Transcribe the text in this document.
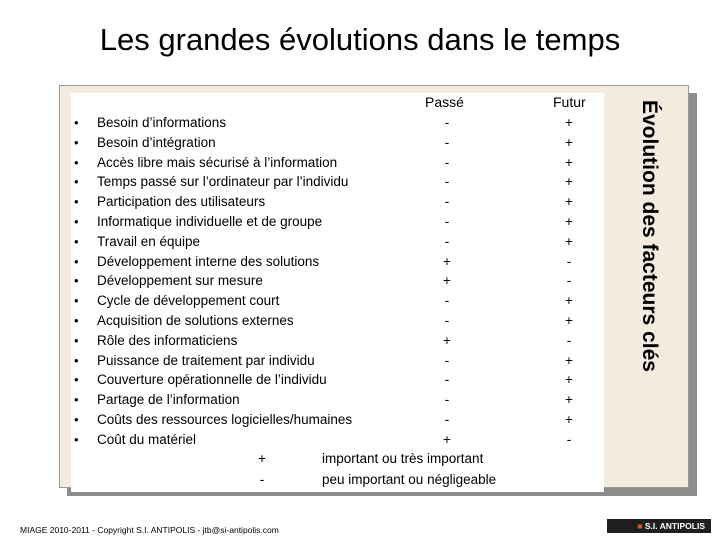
Les grandes évolutions dans le temps
Passé	Futur
• Besoin d’informations	-	+
• Besoin d’intégration	-	+
• Accès libre mais sécurisé à l’information	-	+
• Temps passé sur l’ordinateur par l’individu	-	+
• Participation des utilisateurs	-	+
• Informatique individuelle et de groupe	-	+
• Travail en équipe	-	+
• Développement interne des solutions	+	-
• Développement sur mesure	+	-
• Cycle de développement court	-	+
• Acquisition de solutions externes	-	+
• Rôle des informaticiens	+	-
• Puissance de traitement par individu	-	+
• Couverture opérationnelle de l’individu	-	+
• Partage de l’information	-	+
• Coûts des ressources logicielles/humaines	-	+
• Coût du matériel	+	-
+	important ou très important
-	peu important ou négligeable
Évolution des facteurs clés
MIAGE 2010-2011 - Copyright S.I. ANTIPOLIS - jtb@si-antipolis.com	■ S.I. ANTIPOLIS
